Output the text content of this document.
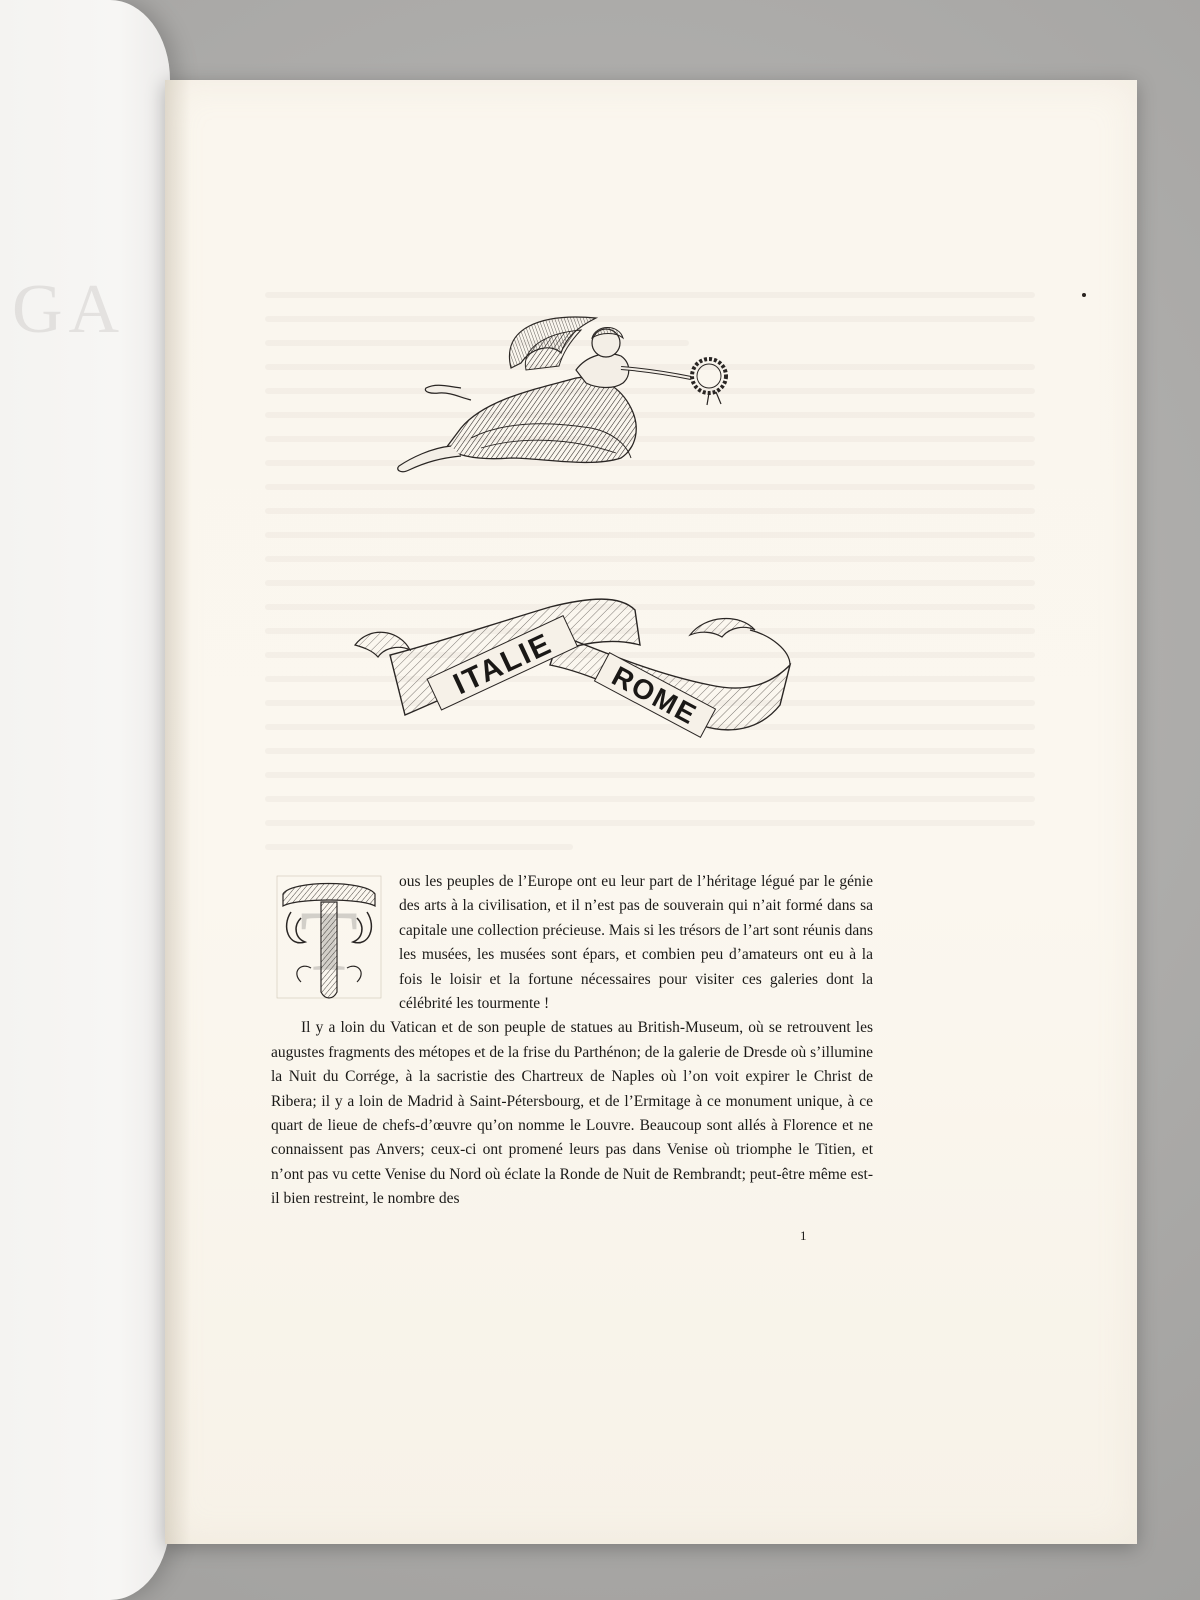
GA
ITALIE ROME
T

ous les peuples de l’Europe ont eu leur part de l’héritage légué par le génie des arts à la civilisation, et il n’est pas de souverain qui n’ait formé dans sa capitale une collection précieuse. Mais si les trésors de l’art sont réunis dans les musées, les musées sont épars, et combien peu d’amateurs ont eu à la fois le loisir et la fortune nécessaires pour visiter ces galeries dont la célébrité les tourmente !

Il y a loin du Vatican et de son peuple de statues au British-Museum, où se retrouvent les augustes fragments des métopes et de la frise du Parthénon; de la galerie de Dresde où s’illumine la Nuit du Corrége, à la sacristie des Chartreux de Naples où l’on voit expirer le Christ de Ribera; il y a loin de Madrid à Saint-Pétersbourg, et de l’Ermitage à ce monument unique, à ce quart de lieue de chefs-d’œuvre qu’on nomme le Louvre. Beaucoup sont allés à Florence et ne connaissent pas Anvers; ceux-ci ont promené leurs pas dans Venise où triomphe le Titien, et n’ont pas vu cette Venise du Nord où éclate la Ronde de Nuit de Rembrandt; peut-être même est-il bien restreint, le nombre des

1
